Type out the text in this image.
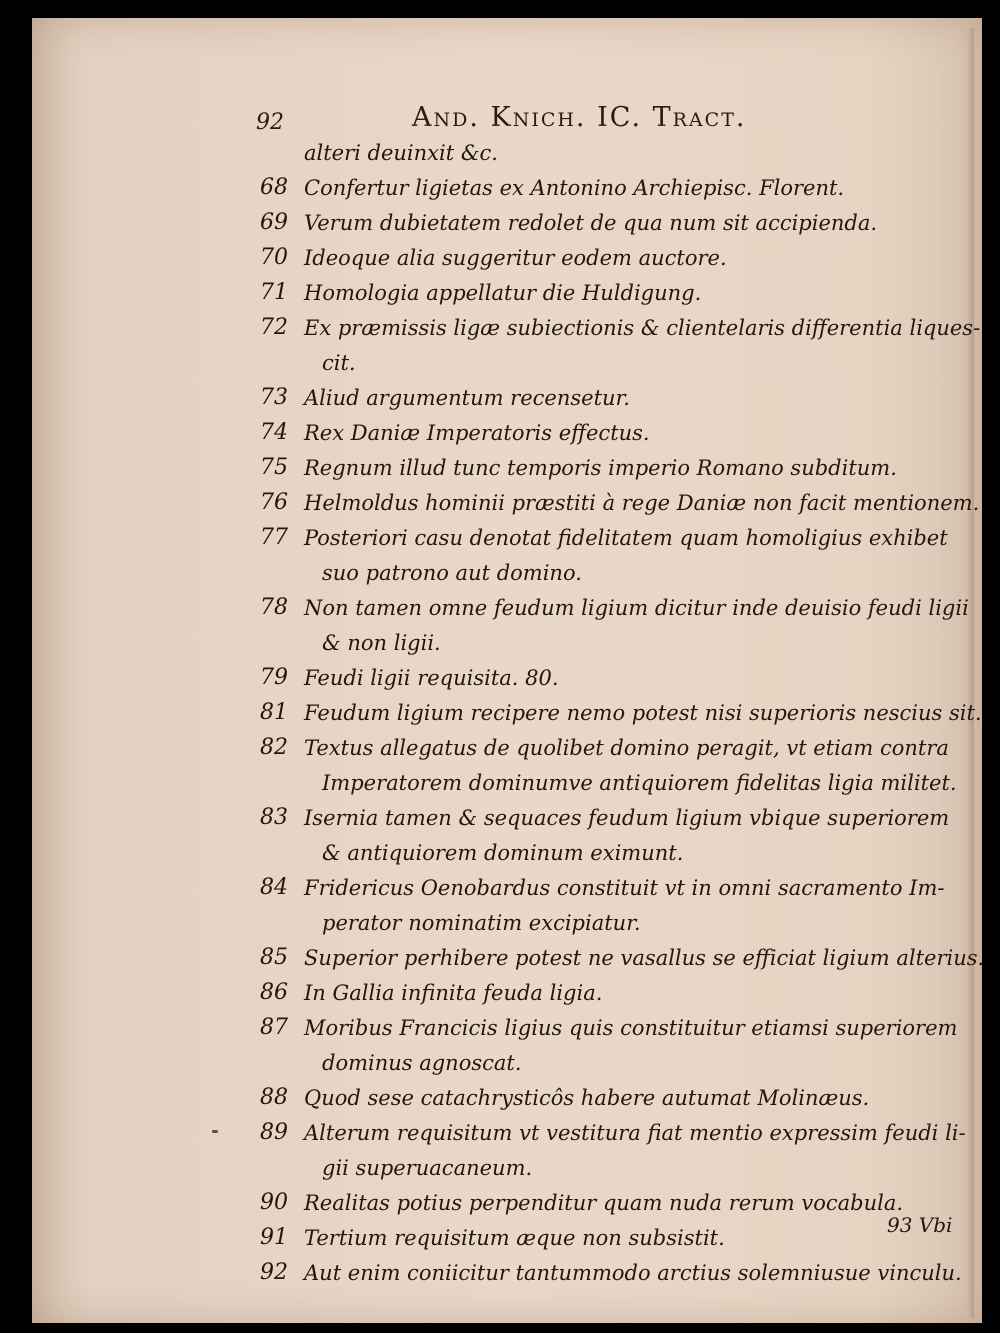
92	And. Knich. IC. Tract.
alteri deuinxit &c.
68 Confertur ligietas ex Antonino Archiepisc. Florent.
69 Verum dubietatem redolet de qua num sit accipienda.
70 Ideoque alia suggeritur eodem auctore.
71 Homologia appellatur die Huldigung.
72 Ex præmissis ligæ subiectionis & clientelaris differentia liques-
cit.
73 Aliud argumentum recensetur.
74 Rex Daniæ Imperatoris effectus.
75 Regnum illud tunc temporis imperio Romano subditum.
76 Helmoldus hominii præstiti à rege Daniæ non facit mentionem.
77 Posteriori casu denotat fidelitatem quam homoligius exhibet
suo patrono aut domino.
78 Non tamen omne feudum ligium dicitur inde deuisio feudi ligii
& non ligii.
79 Feudi ligii requisita. 80.
81 Feudum ligium recipere nemo potest nisi superioris nescius sit.
82 Textus allegatus de quolibet domino peragit, vt etiam contra
Imperatorem dominumve antiquiorem fidelitas ligia militet.
83 Isernia tamen & sequaces feudum ligium vbique superiorem
& antiquiorem dominum eximunt.
84 Fridericus Oenobardus constituit vt in omni sacramento Im-
perator nominatim excipiatur.
85 Superior perhibere potest ne vasallus se efficiat ligium alterius.
86 In Gallia infinita feuda ligia.
87 Moribus Francicis ligius quis constituitur etiamsi superiorem
dominus agnoscat.
88 Quod sese catachrysticôs habere autumat Molinæus.
89 Alterum requisitum vt vestitura fiat mentio expressim feudi li-
gii superuacaneum.
90 Realitas potius perpenditur quam nuda rerum vocabula.
91 Tertium requisitum æque non subsistit.
92 Aut enim coniicitur tantummodo arctius solemniusue vinculu.
93 Vbi
